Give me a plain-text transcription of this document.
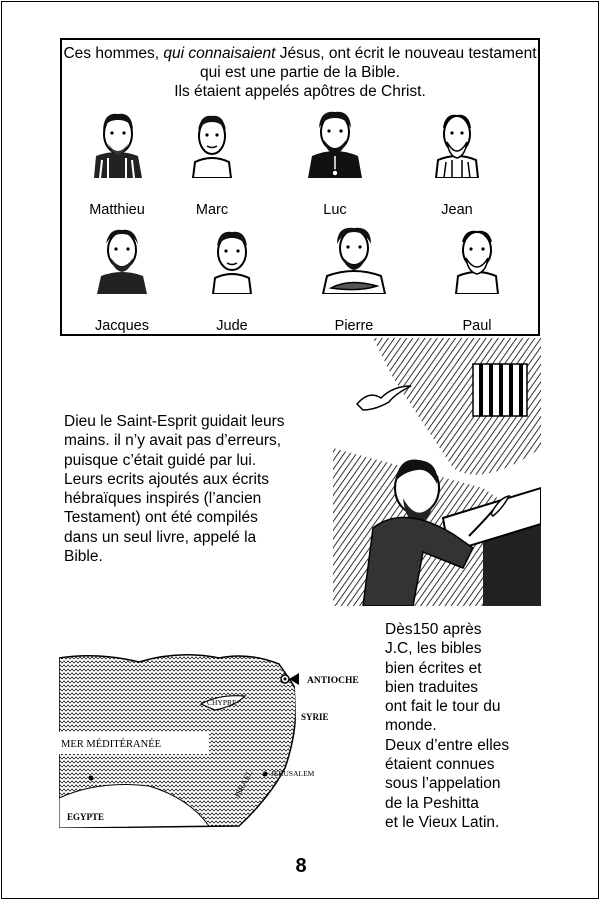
Ces hommes, qui connaisaient Jésus, ont écrit le nouveau testament qui est une partie de la Bible.
Ils étaient appelés apôtres de Christ.
Matthieu	Marc	Luc	Jean
Jacques	Jude	Pierre	Paul
Dieu le Saint-Esprit guidait leurs
mains. il n’y avait pas d’erreurs,
puisque c’était guidé par lui.
Leurs ecrits ajoutés aux écrits
hébraïques inspirés (l’ancien
Testament) ont été compilés
dans un seul livre, appelé la
Bible.
Dès150 après
J.C, les bibles
bien écrites et
bien traduites
ont fait le tour du
monde.
Deux d’entre elles
étaient connues
sous l’appelation
de la Peshitta
et le Vieux Latin.
ANTIOCHE
CHYPRE
SYRIE
MER MÉDITÉRANÉE
JERUSALEM
ISRAEL
EGYPTE
8
